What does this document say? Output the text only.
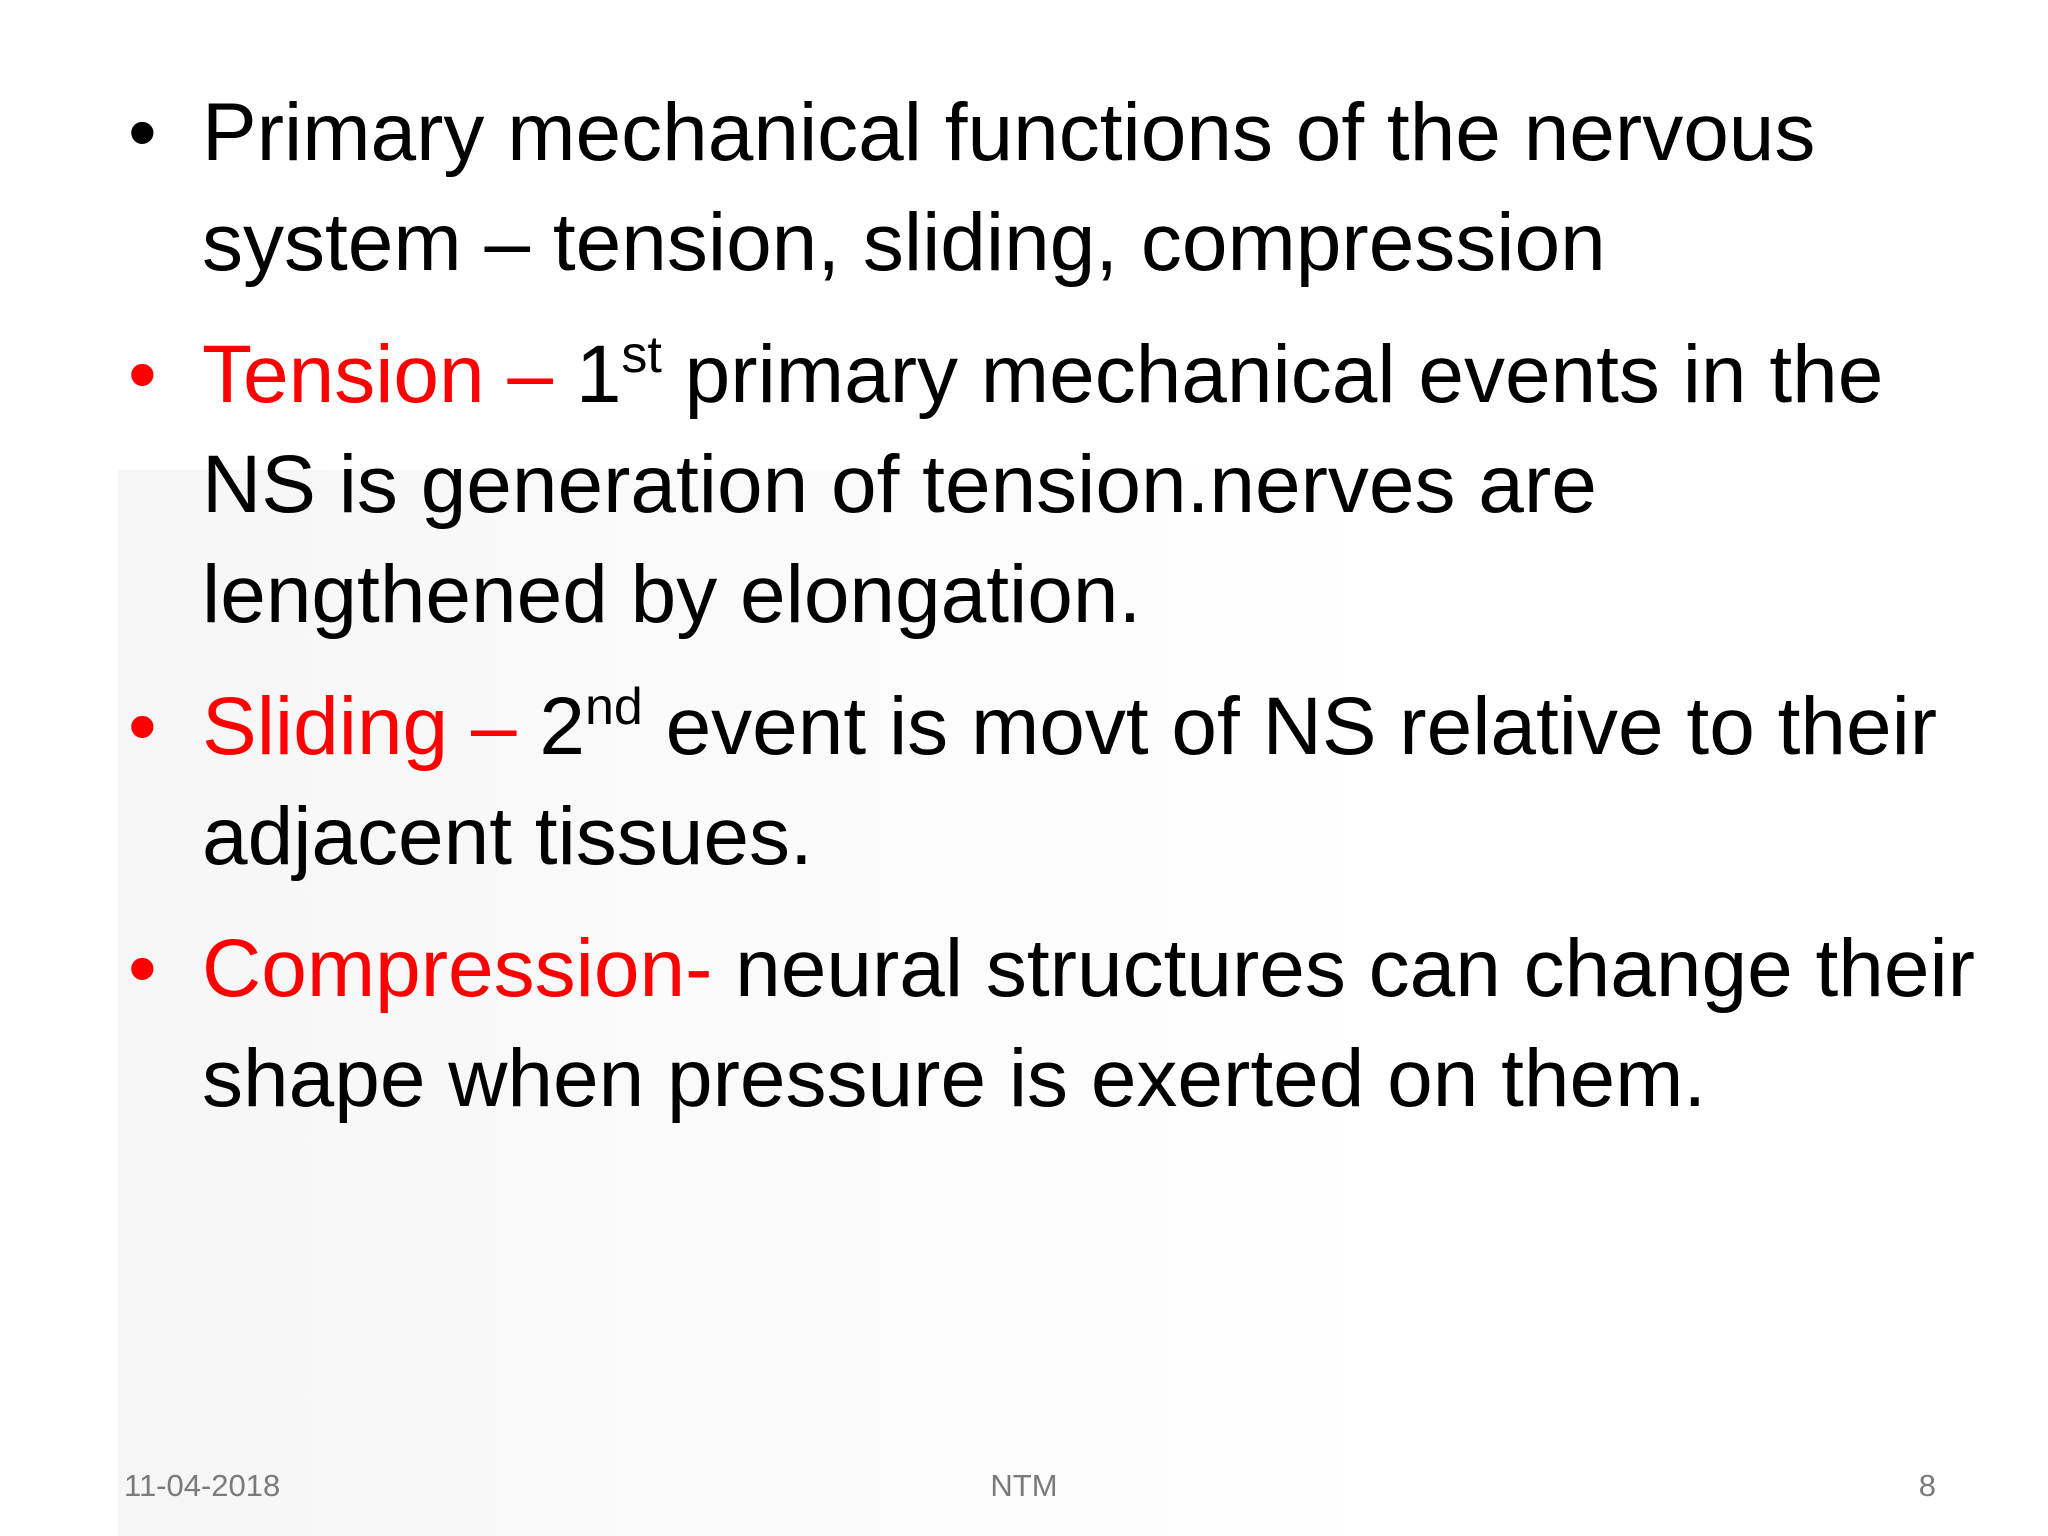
• Primary mechanical functions of the nervous system – tension, sliding, compression
• Tension – 1st primary mechanical events in the NS is generation of tension.nerves are lengthened by elongation.
• Sliding – 2nd event is movt of NS relative to their adjacent tissues.
• Compression- neural structures can change their shape when pressure is exerted on them.
11-04-2018	NTM	8
